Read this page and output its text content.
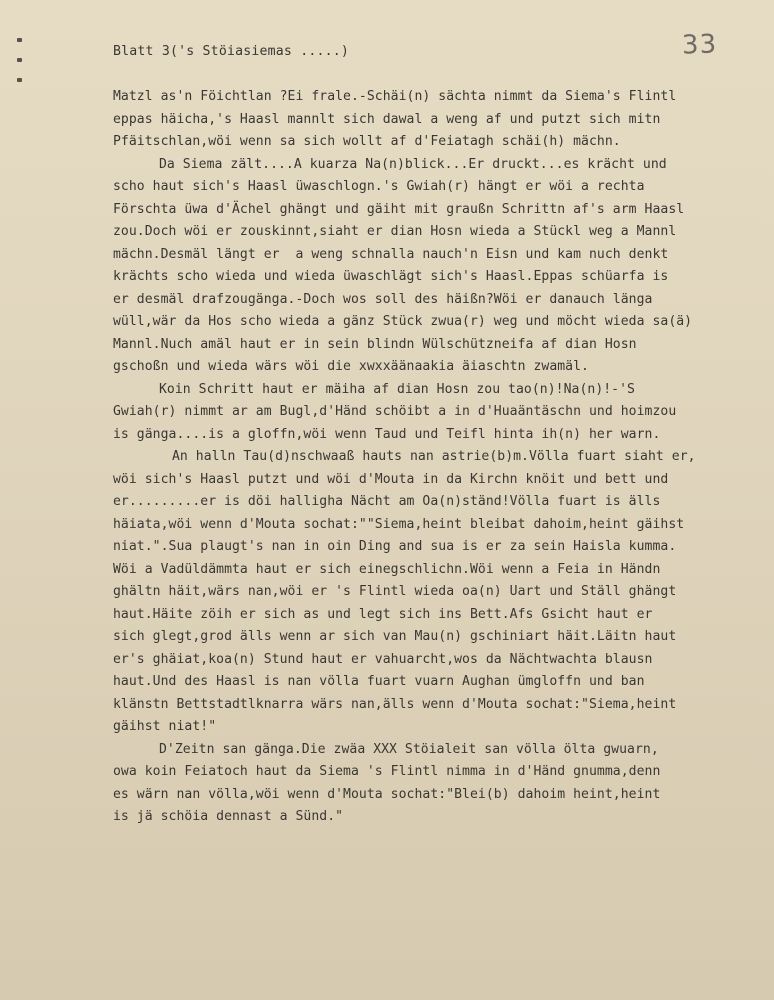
33
Blatt 3('s Stöiasiemas .....)
Matzl as'n Föichtlan ?Ei frale.-Schäi(n) sächta nimmt da Siema's Flintl
eppas häicha,'s Haasl mannlt sich dawal a weng af und putzt sich mitn
Pfäitschlan,wöi wenn sa sich wollt af d'Feiatagh schäi(h) mächn.
Da Siema zält....A kuarza Na(n)blick...Er druckt...es krächt und
scho haut sich's Haasl üwaschlogn.'s Gwiah(r) hängt er wöi a rechta
Förschta üwa d'Ächel ghängt und gäiht mit graußn Schrittn af's arm Haasl
zou.Doch wöi er zouskinnt,siaht er dian Hosn wieda a Stückl weg a Mannl
mächn.Desmäl längt er  a weng schnalla nauch'n Eisn und kam nuch denkt
krächts scho wieda und wieda üwaschlägt sich's Haasl.Eppas schüarfa is
er desmäl drafzougänga.-Doch wos soll des häißn?Wöi er danauch länga
wüll,wär da Hos scho wieda a gänz Stück zwua(r) weg und möcht wieda sa(ä)
Mannl.Nuch amäl haut er in sein blindn Wülschützneifa af dian Hosn
gschoßn und wieda wärs wöi die xwxxäänaakia äiaschtn zwamäl.
Koin Schritt haut er mäiha af dian Hosn zou tao(n)!Na(n)!-'S
Gwiah(r) nimmt ar am Bugl,d'Händ schöibt a in d'Huaäntäschn und hoimzou
is gänga....is a gloffn,wöi wenn Taud und Teifl hinta ih(n) her warn.
An halln Tau(d)nschwaaß hauts nan astrie(b)m.Völla fuart siaht er,
wöi sich's Haasl putzt und wöi d'Mouta in da Kirchn knöit und bett und
er.........er is döi halligha Nächt am Oa(n)ständ!Völla fuart is älls
häiata,wöi wenn d'Mouta sochat:""Siema,heint bleibat dahoim,heint gäihst
niat.".Sua plaugt's nan in oin Ding and sua is er za sein Haisla kumma.
Wöi a Vadüldämmta haut er sich einegschlichn.Wöi wenn a Feia in Händn
ghältn häit,wärs nan,wöi er 's Flintl wieda oa(n) Uart und Ställ ghängt
haut.Häite zöih er sich as und legt sich ins Bett.Afs Gsicht haut er
sich glegt,grod älls wenn ar sich van Mau(n) gschiniart häit.Läitn haut
er's ghäiat,koa(n) Stund haut er vahuarcht,wos da Nächtwachta blausn
haut.Und des Haasl is nan völla fuart vuarn Aughan ümgloffn und ban
klänstn Bettstadtlknarra wärs nan,älls wenn d'Mouta sochat:"Siema,heint
gäihst niat!"
D'Zeitn san gänga.Die zwäa XXX Stöialeit san völla ölta gwuarn,
owa koin Feiatoch haut da Siema 's Flintl nimma in d'Händ gnumma,denn
es wärn nan völla,wöi wenn d'Mouta sochat:"Blei(b) dahoim heint,heint
is jä schöia dennast a Sünd."
